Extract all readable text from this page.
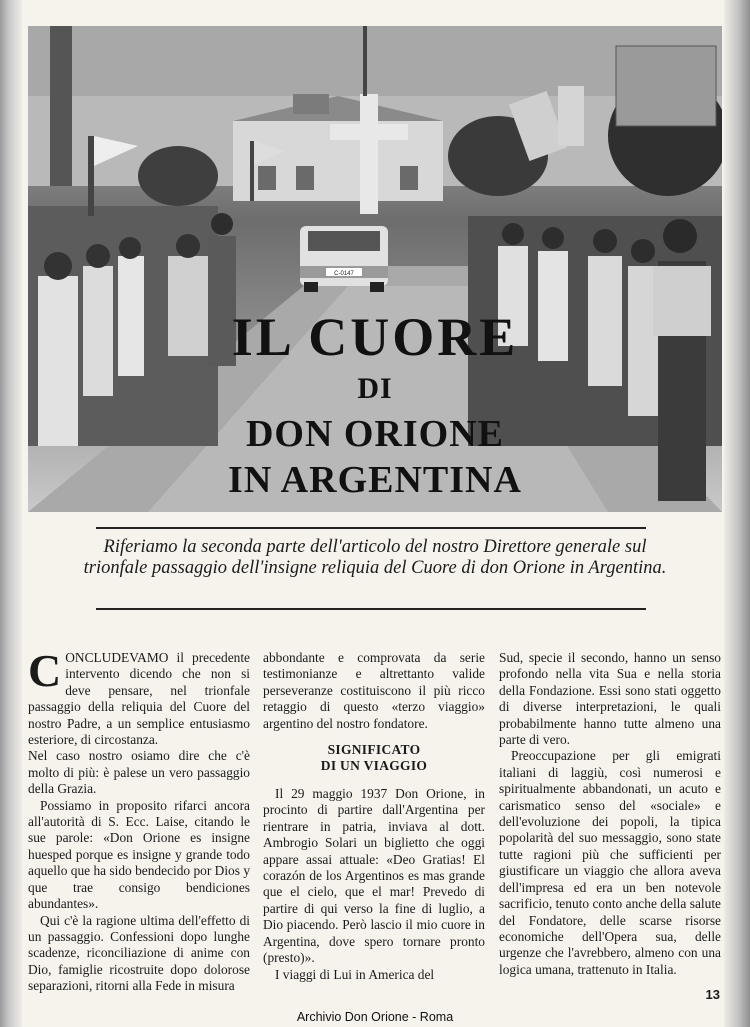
C-0147
IL CUORE
DI
DON ORIONE
IN ARGENTINA
Riferiamo la seconda parte dell'articolo del nostro Direttore generale sul trionfale passaggio dell'insigne reliquia del Cuore di don Orione in Argentina.

CONCLUDEVAMO il precedente intervento dicendo che non si deve pensare, nel trionfale passaggio della reliquia del Cuore del nostro Padre, a un semplice entusiasmo esteriore, di circostanza.

Nel caso nostro osiamo dire che c'è molto di più: è palese un vero passaggio della Grazia.

Possiamo in proposito rifarci ancora all'autorità di S. Ecc. Laise, citando le sue parole: «Don Orione es insigne huesped porque es insigne y grande todo aquello que ha sido bendecido por Dios y que trae consigo bendiciones abundantes».

Qui c'è la ragione ultima dell'effetto di un passaggio. Confessioni dopo lunghe scadenze, riconciliazione di anime con Dio, famiglie ricostruite dopo dolorose separazioni, ritorni alla Fede in misura

abbondante e comprovata da serie testimonianze e altrettanto valide perseveranze costituiscono il più ricco retaggio di questo «terzo viaggio» argentino del nostro fondatore.

SIGNIFICATO
DI UN VIAGGIO

Il 29 maggio 1937 Don Orione, in procinto di partire dall'Argentina per rientrare in patria, inviava al dott. Ambrogio Solari un biglietto che oggi appare assai attuale: «Deo Gratias! El corazón de los Argentinos es mas grande que el cielo, que el mar! Prevedo di partire di qui verso la fine di luglio, a Dio piacendo. Però lascio il mio cuore in Argentina, dove spero tornare pronto (presto)».

I viaggi di Lui in America del

Sud, specie il secondo, hanno un senso profondo nella vita Sua e nella storia della Fondazione. Essi sono stati oggetto di diverse interpretazioni, le quali probabilmente hanno tutte almeno una parte di vero.

Preoccupazione per gli emigrati italiani di laggiù, così numerosi e spiritualmente abbandonati, un acuto e carismatico senso del «sociale» e dell'evoluzione dei popoli, la tipica popolarità del suo messaggio, sono state tutte ragioni più che sufficienti per giustificare un viaggio che allora aveva dell'impresa ed era un ben notevole sacrificio, tenuto conto anche della salute del Fondatore, delle scarse risorse economiche dell'Opera sua, delle urgenze che l'avrebbero, almeno con una logica umana, trattenuto in Italia.

13
Archivio Don Orione - Roma
